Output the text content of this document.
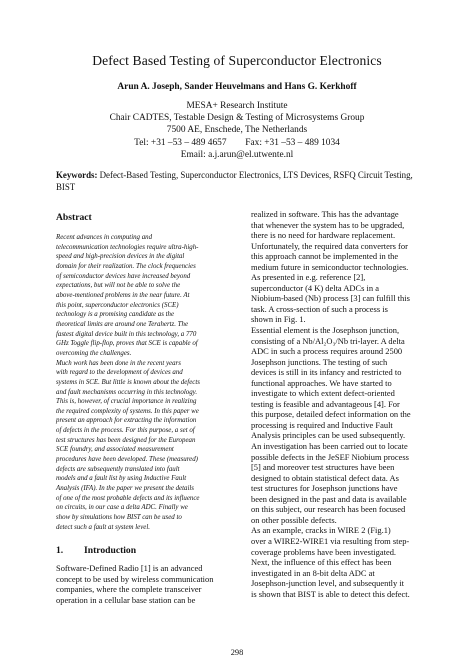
Defect Based Testing of Superconductor Electronics
Arun A. Joseph, Sander Heuvelmans and Hans G. Kerkhoff
MESA+ Research Institute
Chair CADTES, Testable Design & Testing of Microsystems Group
7500 AE, Enschede, The Netherlands
Tel: +31 –53 – 489 4657        Fax: +31 –53 – 489 1034
Email: a.j.arun@el.utwente.nl
Keywords: Defect-Based Testing, Superconductor Electronics, LTS Devices, RSFQ Circuit Testing, BIST
Abstract

Recent advances in computing and
telecommunication technologies require ultra-high-
speed and high-precision devices in the digital
domain for their realization. The clock frequencies
of semiconductor devices have increased beyond
expectations, but will not be able to solve the
above-mentioned problems in the near future. At
this point, superconductor electronics (SCE)
technology is a promising candidate as the
theoretical limits are around one Terahertz. The
fastest digital device built in this technology, a 770
GHz Toggle flip-flop, proves that SCE is capable of
overcoming the challenges.
Much work has been done in the recent years
with regard to the development of devices and
systems in SCE. But little is known about the defects
and fault mechanisms occurring in this technology.
This is, however, of crucial importance in realizing
the required complexity of systems. In this paper we
present an approach for extracting the information
of defects in the process. For this purpose, a set of
test structures has been designed for the European
SCE foundry, and associated measurement
procedures have been developed. These (measured)
defects are subsequently translated into fault
models and a fault list by using Inductive Fault
Analysis (IFA). In the paper we present the details
of one of the most probable defects and its influence
on circuits, in our case a delta ADC. Finally we
show by simulations how BIST can be used to
detect such a fault at system level.

1. Introduction

Software-Defined Radio [1] is an advanced
concept to be used by wireless communication
companies, where the complete transceiver
operation in a cellular base station can be

realized in software. This has the advantage
that whenever the system has to be upgraded,
there is no need for hardware replacement.
Unfortunately, the required data converters for
this approach cannot be implemented in the
medium future in semiconductor technologies.
As presented in e.g. reference [2],
superconductor (4 K) delta ADCs in a
Niobium-based (Nb) process [3] can fulfill this
task. A cross-section of such a process is
shown in Fig. 1.
Essential element is the Josephson junction,
consisting of a Nb/Al₂O₃/Nb tri-layer. A delta
ADC in such a process requires around 2500
Josephson junctions. The testing of such
devices is still in its infancy and restricted to
functional approaches. We have started to
investigate to which extent defect-oriented
testing is feasible and advantageous [4]. For
this purpose, detailed defect information on the
processing is required and Inductive Fault
Analysis principles can be used subsequently.
An investigation has been carried out to locate
possible defects in the JeSEF Niobium process
[5] and moreover test structures have been
designed to obtain statistical defect data. As
test structures for Josephson junctions have
been designed in the past and data is available
on this subject, our research has been focused
on other possible defects.
As an example, cracks in WIRE 2 (Fig.1)
over a WIRE2-WIRE1 via resulting from step-
coverage problems have been investigated.
Next, the influence of this effect has been
investigated in an 8-bit delta ADC at
Josephson-junction level, and subsequently it
is shown that BIST is able to detect this defect.

298
